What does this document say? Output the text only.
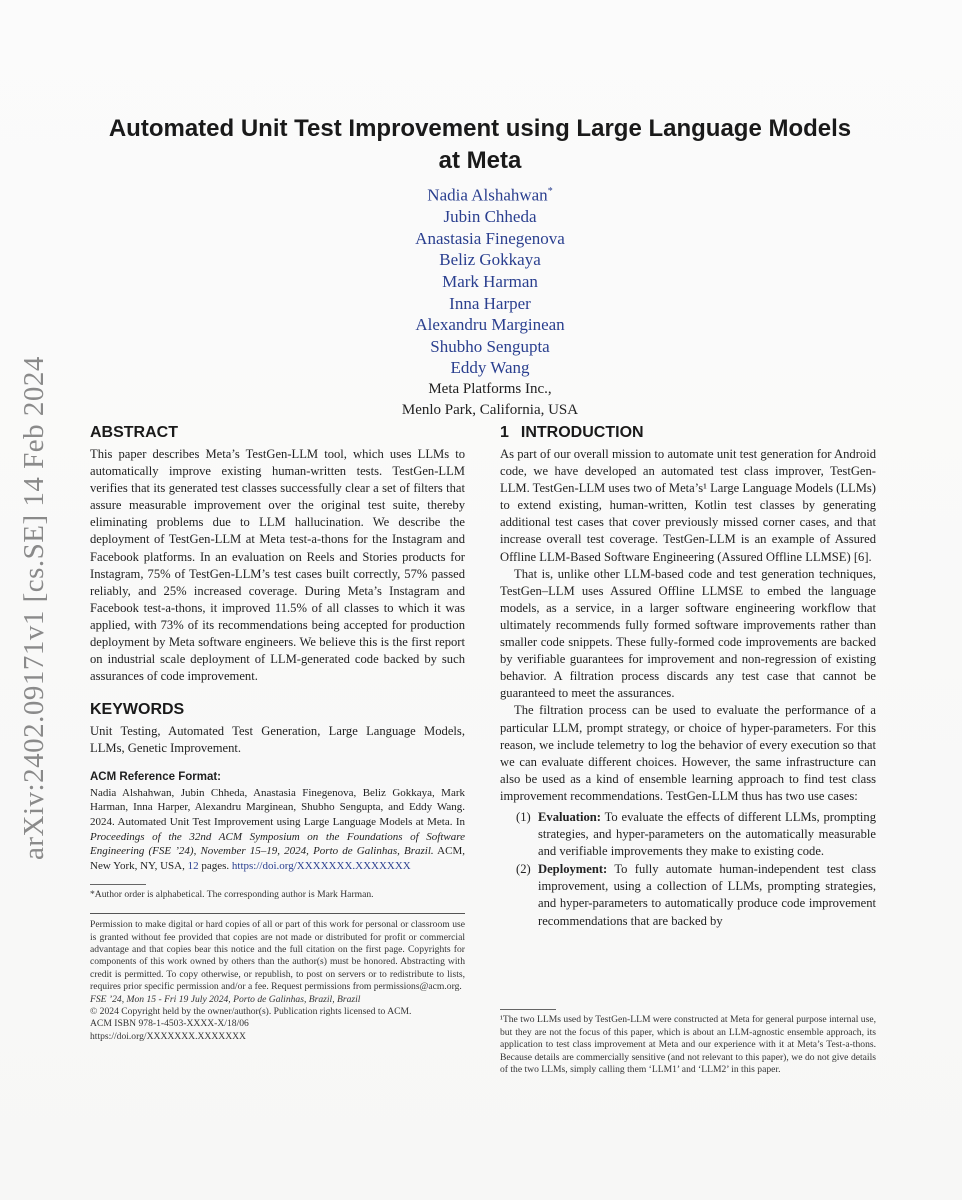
arXiv:2402.09171v1 [cs.SE] 14 Feb 2024
Automated Unit Test Improvement using Large Language Models
at Meta
Nadia Alshahwan*
Jubin Chheda
Anastasia Finegenova
Beliz Gokkaya
Mark Harman
Inna Harper
Alexandru Marginean
Shubho Sengupta
Eddy Wang
Meta Platforms Inc.,
Menlo Park, California, USA
ABSTRACT

This paper describes Meta’s TestGen-LLM tool, which uses LLMs to automatically improve existing human-written tests. TestGen-LLM verifies that its generated test classes successfully clear a set of filters that assure measurable improvement over the original test suite, thereby eliminating problems due to LLM hallucination. We describe the deployment of TestGen-LLM at Meta test-a-thons for the Instagram and Facebook platforms. In an evaluation on Reels and Stories products for Instagram, 75% of TestGen-LLM’s test cases built correctly, 57% passed reliably, and 25% increased coverage. During Meta’s Instagram and Facebook test-a-thons, it improved 11.5% of all classes to which it was applied, with 73% of its recommendations being accepted for production deployment by Meta software engineers. We believe this is the first report on industrial scale deployment of LLM-generated code backed by such assurances of code improvement.

KEYWORDS

Unit Testing, Automated Test Generation, Large Language Models, LLMs, Genetic Improvement.

ACM Reference Format:

Nadia Alshahwan, Jubin Chheda, Anastasia Finegenova, Beliz Gokkaya, Mark Harman, Inna Harper, Alexandru Marginean, Shubho Sengupta, and Eddy Wang. 2024. Automated Unit Test Improvement using Large Language Models at Meta. In Proceedings of the 32nd ACM Symposium on the Foundations of Software Engineering (FSE ’24), November 15–19, 2024, Porto de Galinhas, Brazil. ACM, New York, NY, USA, 12 pages. https://doi.org/XXXXXXX.XXXXXXX

*Author order is alphabetical. The corresponding author is Mark Harman.

Permission to make digital or hard copies of all or part of this work for personal or classroom use is granted without fee provided that copies are not made or distributed for profit or commercial advantage and that copies bear this notice and the full citation on the first page. Copyrights for components of this work owned by others than the author(s) must be honored. Abstracting with credit is permitted. To copy otherwise, or republish, to post on servers or to redistribute to lists, requires prior specific permission and/or a fee. Request permissions from permissions@acm.org.

FSE ’24, Mon 15 - Fri 19 July 2024, Porto de Galinhas, Brazil, Brazil
© 2024 Copyright held by the owner/author(s). Publication rights licensed to ACM.
ACM ISBN 978-1-4503-XXXX-X/18/06
https://doi.org/XXXXXXX.XXXXXXX
1 INTRODUCTION

As part of our overall mission to automate unit test generation for Android code, we have developed an automated test class improver, TestGen-LLM. TestGen-LLM uses two of Meta’s¹ Large Language Models (LLMs) to extend existing, human-written, Kotlin test classes by generating additional test cases that cover previously missed corner cases, and that increase overall test coverage. TestGen-LLM is an example of Assured Offline LLM-Based Software Engineering (Assured Offline LLMSE) [6].

That is, unlike other LLM-based code and test generation techniques, TestGen–LLM uses Assured Offline LLMSE to embed the language models, as a service, in a larger software engineering workflow that ultimately recommends fully formed software improvements rather than smaller code snippets. These fully-formed code improvements are backed by verifiable guarantees for improvement and non-regression of existing behavior. A filtration process discards any test case that cannot be guaranteed to meet the assurances.

The filtration process can be used to evaluate the performance of a particular LLM, prompt strategy, or choice of hyper-parameters. For this reason, we include telemetry to log the behavior of every execution so that we can evaluate different choices. However, the same infrastructure can also be used as a kind of ensemble learning approach to find test class improvement recommendations. TestGen-LLM thus has two use cases:

(1) Evaluation: To evaluate the effects of different LLMs, prompting strategies, and hyper-parameters on the automatically measurable and verifiable improvements they make to existing code.
(2) Deployment: To fully automate human-independent test class improvement, using a collection of LLMs, prompting strategies, and hyper-parameters to automatically produce code improvement recommendations that are backed by

¹The two LLMs used by TestGen-LLM were constructed at Meta for general purpose internal use, but they are not the focus of this paper, which is about an LLM-agnostic ensemble approach, its application to test class improvement at Meta and our experience with it at Meta’s Test-a-thons. Because details are commercially sensitive (and not relevant to this paper), we do not give details of the two LLMs, simply calling them ‘LLM1’ and ‘LLM2’ in this paper.
